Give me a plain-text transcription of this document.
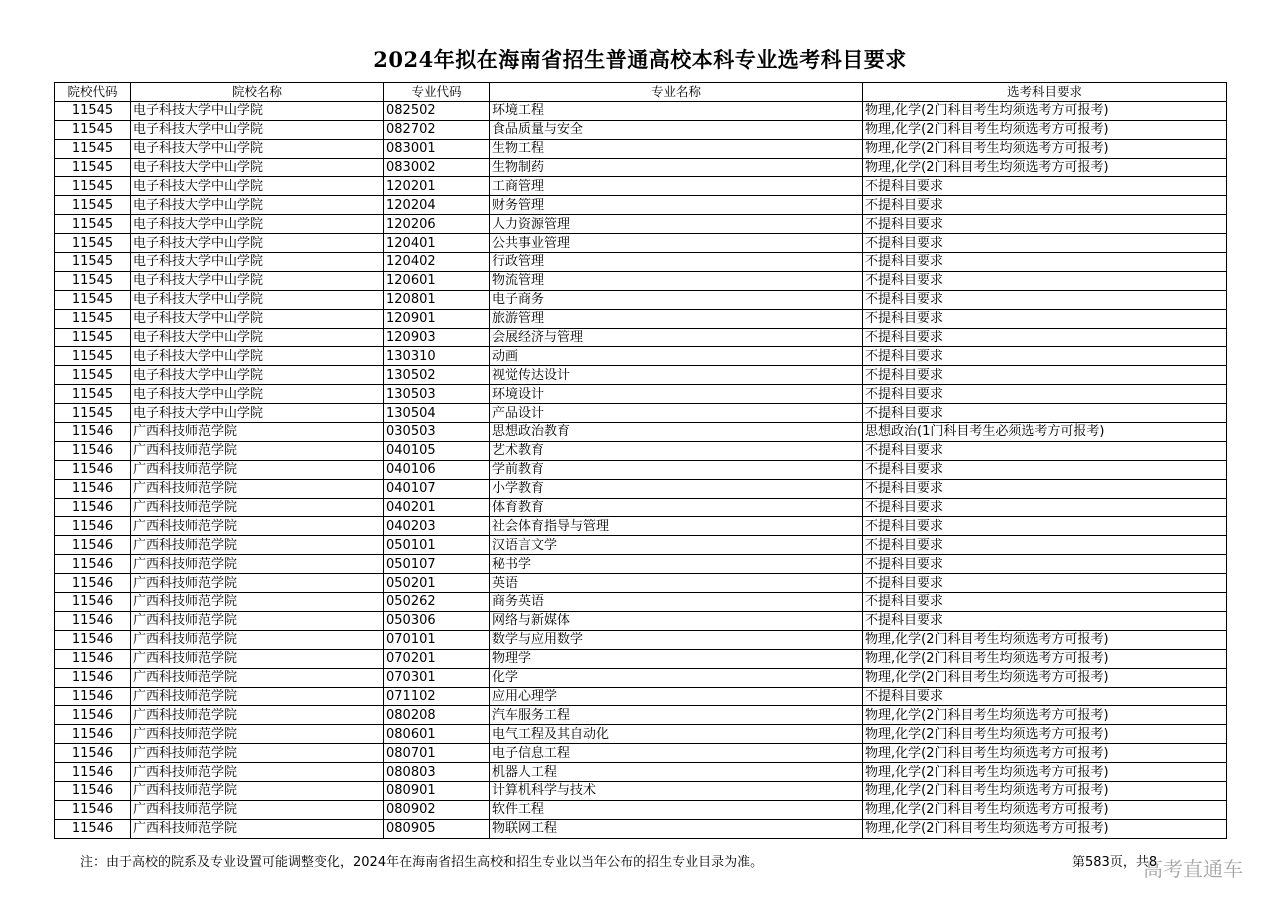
2024年拟在海南省招生普通高校本科专业选考科目要求
院校代码	院校名称	专业代码	专业名称	选考科目要求
11545	电子科技大学中山学院	082502	环境工程	物理,化学(2门科目考生均须选考方可报考)
11545	电子科技大学中山学院	082702	食品质量与安全	物理,化学(2门科目考生均须选考方可报考)
11545	电子科技大学中山学院	083001	生物工程	物理,化学(2门科目考生均须选考方可报考)
11545	电子科技大学中山学院	083002	生物制药	物理,化学(2门科目考生均须选考方可报考)
11545	电子科技大学中山学院	120201	工商管理	不提科目要求
11545	电子科技大学中山学院	120204	财务管理	不提科目要求
11545	电子科技大学中山学院	120206	人力资源管理	不提科目要求
11545	电子科技大学中山学院	120401	公共事业管理	不提科目要求
11545	电子科技大学中山学院	120402	行政管理	不提科目要求
11545	电子科技大学中山学院	120601	物流管理	不提科目要求
11545	电子科技大学中山学院	120801	电子商务	不提科目要求
11545	电子科技大学中山学院	120901	旅游管理	不提科目要求
11545	电子科技大学中山学院	120903	会展经济与管理	不提科目要求
11545	电子科技大学中山学院	130310	动画	不提科目要求
11545	电子科技大学中山学院	130502	视觉传达设计	不提科目要求
11545	电子科技大学中山学院	130503	环境设计	不提科目要求
11545	电子科技大学中山学院	130504	产品设计	不提科目要求
11546	广西科技师范学院	030503	思想政治教育	思想政治(1门科目考生必须选考方可报考)
11546	广西科技师范学院	040105	艺术教育	不提科目要求
11546	广西科技师范学院	040106	学前教育	不提科目要求
11546	广西科技师范学院	040107	小学教育	不提科目要求
11546	广西科技师范学院	040201	体育教育	不提科目要求
11546	广西科技师范学院	040203	社会体育指导与管理	不提科目要求
11546	广西科技师范学院	050101	汉语言文学	不提科目要求
11546	广西科技师范学院	050107	秘书学	不提科目要求
11546	广西科技师范学院	050201	英语	不提科目要求
11546	广西科技师范学院	050262	商务英语	不提科目要求
11546	广西科技师范学院	050306	网络与新媒体	不提科目要求
11546	广西科技师范学院	070101	数学与应用数学	物理,化学(2门科目考生均须选考方可报考)
11546	广西科技师范学院	070201	物理学	物理,化学(2门科目考生均须选考方可报考)
11546	广西科技师范学院	070301	化学	物理,化学(2门科目考生均须选考方可报考)
11546	广西科技师范学院	071102	应用心理学	不提科目要求
11546	广西科技师范学院	080208	汽车服务工程	物理,化学(2门科目考生均须选考方可报考)
11546	广西科技师范学院	080601	电气工程及其自动化	物理,化学(2门科目考生均须选考方可报考)
11546	广西科技师范学院	080701	电子信息工程	物理,化学(2门科目考生均须选考方可报考)
11546	广西科技师范学院	080803	机器人工程	物理,化学(2门科目考生均须选考方可报考)
11546	广西科技师范学院	080901	计算机科学与技术	物理,化学(2门科目考生均须选考方可报考)
11546	广西科技师范学院	080902	软件工程	物理,化学(2门科目考生均须选考方可报考)
11546	广西科技师范学院	080905	物联网工程	物理,化学(2门科目考生均须选考方可报考)
注：由于高校的院系及专业设置可能调整变化，2024年在海南省招生高校和招生专业以当年公布的招生专业目录为准。	第583页，共8
高考直通车
